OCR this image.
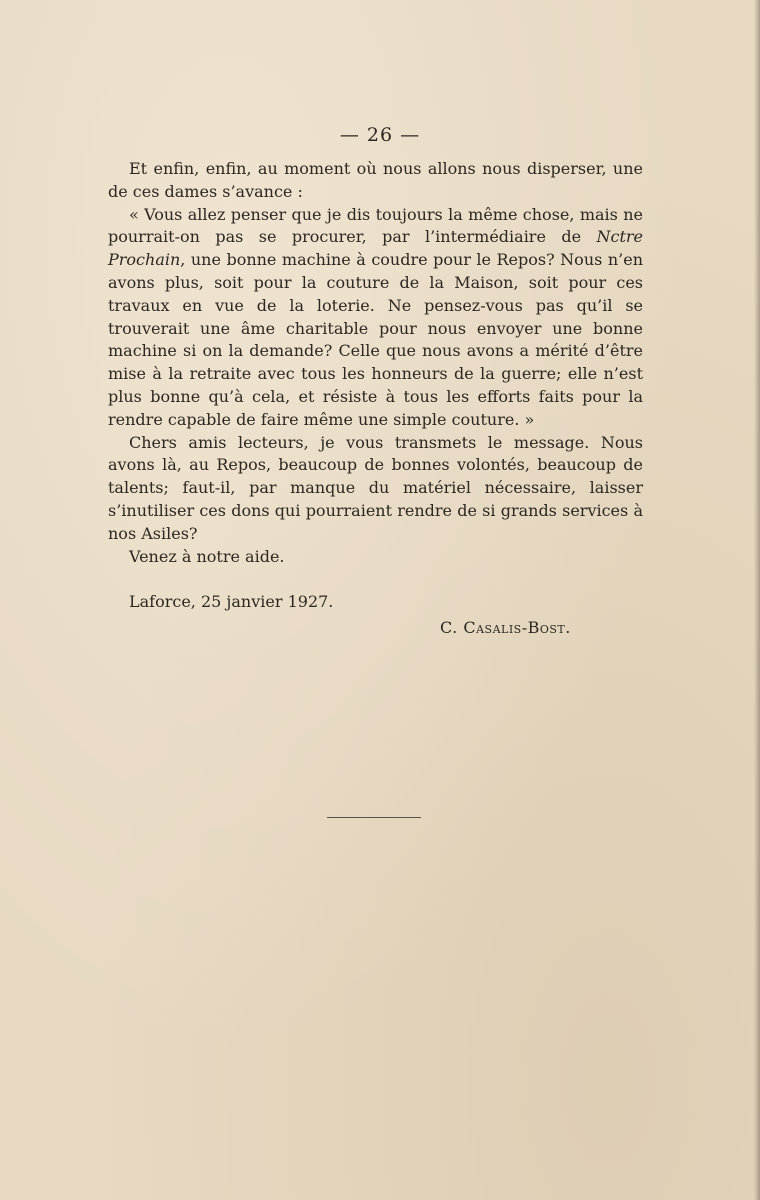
— 26 —

Et enfin, enfin, au moment où nous allons nous disperser, une de ces dames s’avance :

« Vous allez penser que je dis toujours la même chose, mais ne pourrait-on pas se procurer, par l’intermédiaire de Nctre Prochain, une bonne machine à coudre pour le Repos? Nous n’en avons plus, soit pour la couture de la Maison, soit pour ces travaux en vue de la loterie. Ne pensez-vous pas qu’il se trouverait une âme charitable pour nous envoyer une bonne machine si on la demande? Celle que nous avons a mérité d’être mise à la retraite avec tous les honneurs de la guerre; elle n’est plus bonne qu’à cela, et résiste à tous les efforts faits pour la rendre capable de faire même une simple couture. »

Chers amis lecteurs, je vous transmets le message. Nous avons là, au Repos, beaucoup de bonnes volontés, beaucoup de talents; faut-il, par manque du matériel nécessaire, laisser s’inutiliser ces dons qui pourraient rendre de si grands services à nos Asiles?

Venez à notre aide.

Laforce, 25 janvier 1927.
C. Casalis-Bost.
